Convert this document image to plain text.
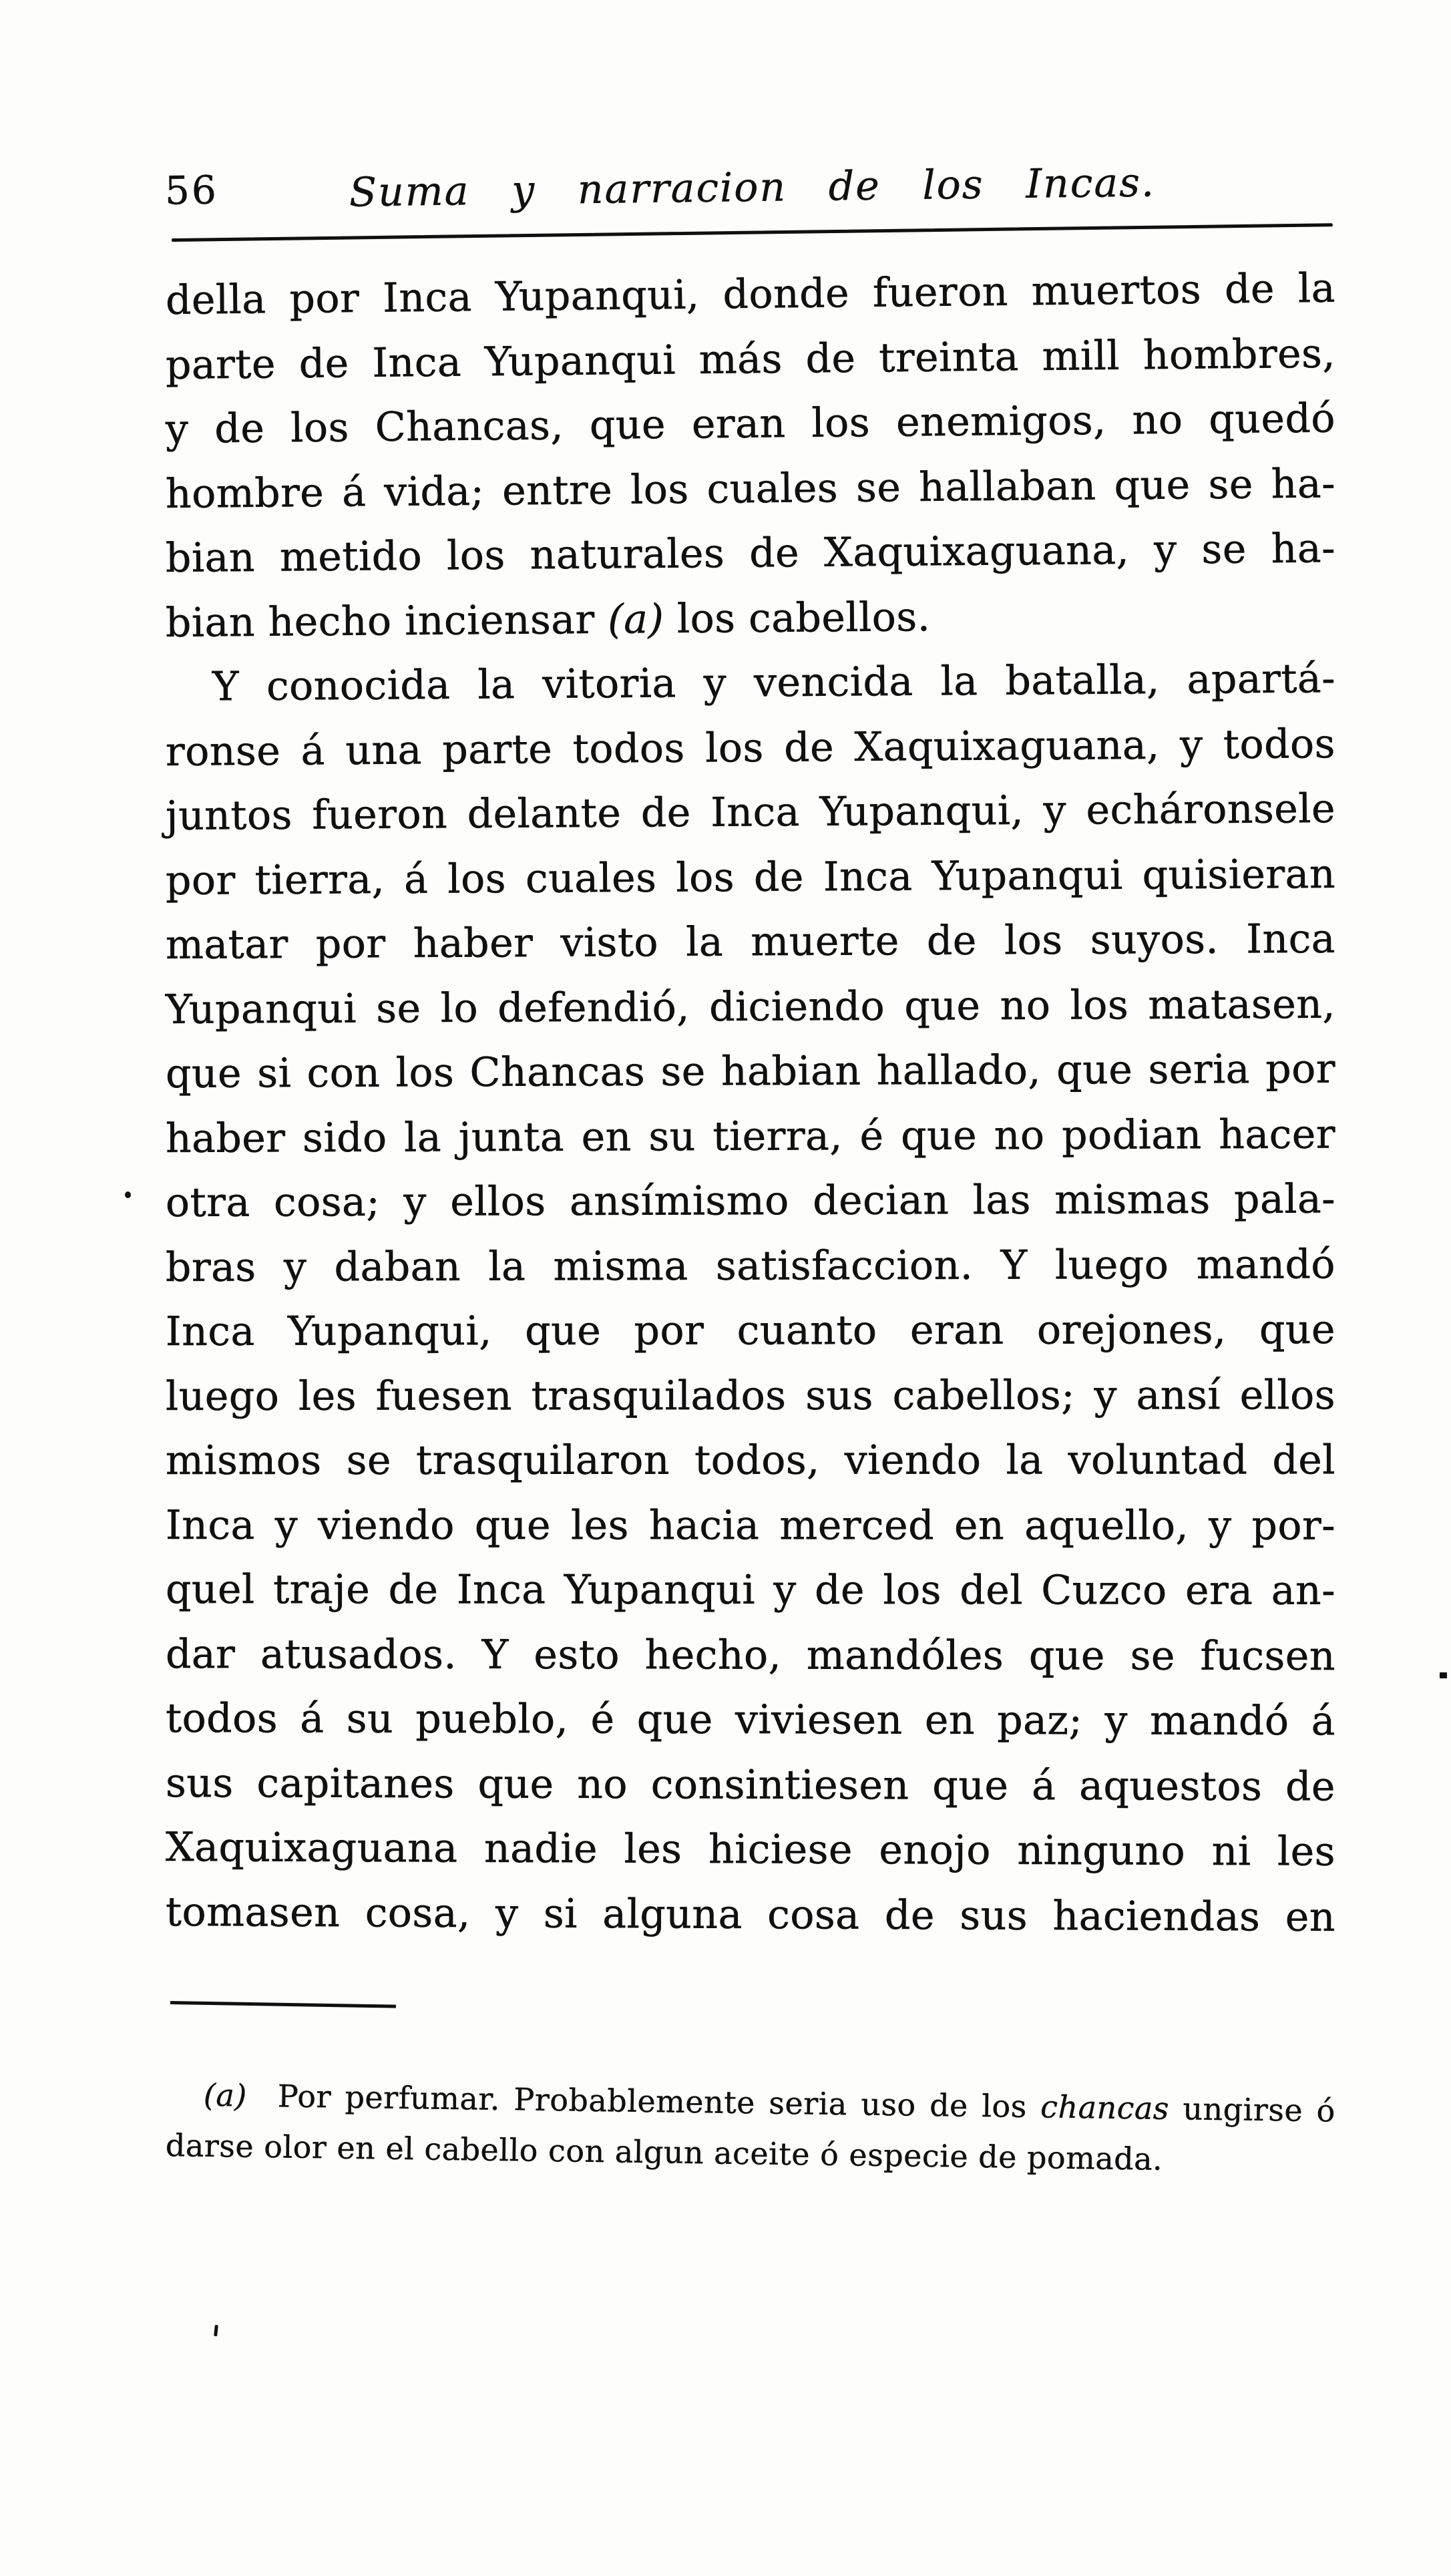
56	Suma y narracion de los Incas.
della por Inca Yupanqui, donde fueron muertos de la
parte de Inca Yupanqui más de treinta mill hombres,
y de los Chancas, que eran los enemigos, no quedó
hombre á vida; entre los cuales se hallaban que se ha-
bian metido los naturales de Xaquixaguana, y se ha-
bian hecho inciensar (a) los cabellos.
Y conocida la vitoria y vencida la batalla, apartá-
ronse á una parte todos los de Xaquixaguana, y todos
juntos fueron delante de Inca Yupanqui, y echáronsele
por tierra, á los cuales los de Inca Yupanqui quisieran
matar por haber visto la muerte de los suyos. Inca
Yupanqui se lo defendió, diciendo que no los matasen,
que si con los Chancas se habian hallado, que seria por
haber sido la junta en su tierra, é que no podian hacer
otra cosa; y ellos ansímismo decian las mismas pala-
bras y daban la misma satisfaccion. Y luego mandó
Inca Yupanqui, que por cuanto eran orejones, que
luego les fuesen trasquilados sus cabellos; y ansí ellos
mismos se trasquilaron todos, viendo la voluntad del
Inca y viendo que les hacia merced en aquello, y por-
quel traje de Inca Yupanqui y de los del Cuzco era an-
dar atusados. Y esto hecho, mandóles que se fucsen
todos á su pueblo, é que viviesen en paz; y mandó á
sus capitanes que no consintiesen que á aquestos de
Xaquixaguana nadie les hiciese enojo ninguno ni les
tomasen cosa, y si alguna cosa de sus haciendas en
(a) Por perfumar. Probablemente seria uso de los chancas ungirse ó
darse olor en el cabello con algun aceite ó especie de pomada.
